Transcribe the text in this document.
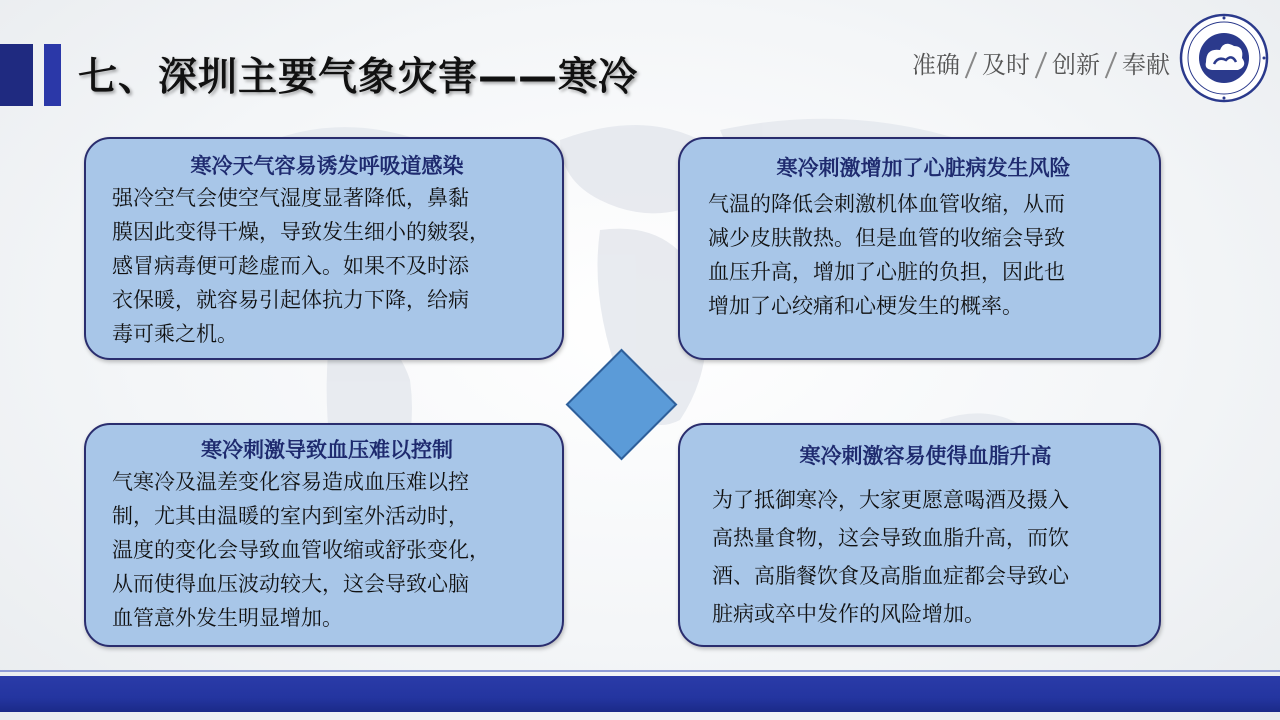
七、深圳主要气象灾害——寒冷	准确 及时 创新 奉献
寒冷天气容易诱发呼吸道感染
强冷空气会使空气湿度显著降低，鼻黏
膜因此变得干燥，导致发生细小的皴裂，
感冒病毒便可趁虚而入。如果不及时添
衣保暖，就容易引起体抗力下降，给病
毒可乘之机。
寒冷刺激增加了心脏病发生风险
气温的降低会刺激机体血管收缩，从而
减少皮肤散热。但是血管的收缩会导致
血压升高，增加了心脏的负担，因此也
增加了心绞痛和心梗发生的概率。
寒冷刺激导致血压难以控制
气寒冷及温差变化容易造成血压难以控
制，尤其由温暖的室内到室外活动时，
温度的变化会导致血管收缩或舒张变化，
从而使得血压波动较大，这会导致心脑
血管意外发生明显增加。
寒冷刺激容易使得血脂升高
为了抵御寒冷，大家更愿意喝酒及摄入
高热量食物，这会导致血脂升高，而饮
酒、高脂餐饮食及高脂血症都会导致心
脏病或卒中发作的风险增加。
